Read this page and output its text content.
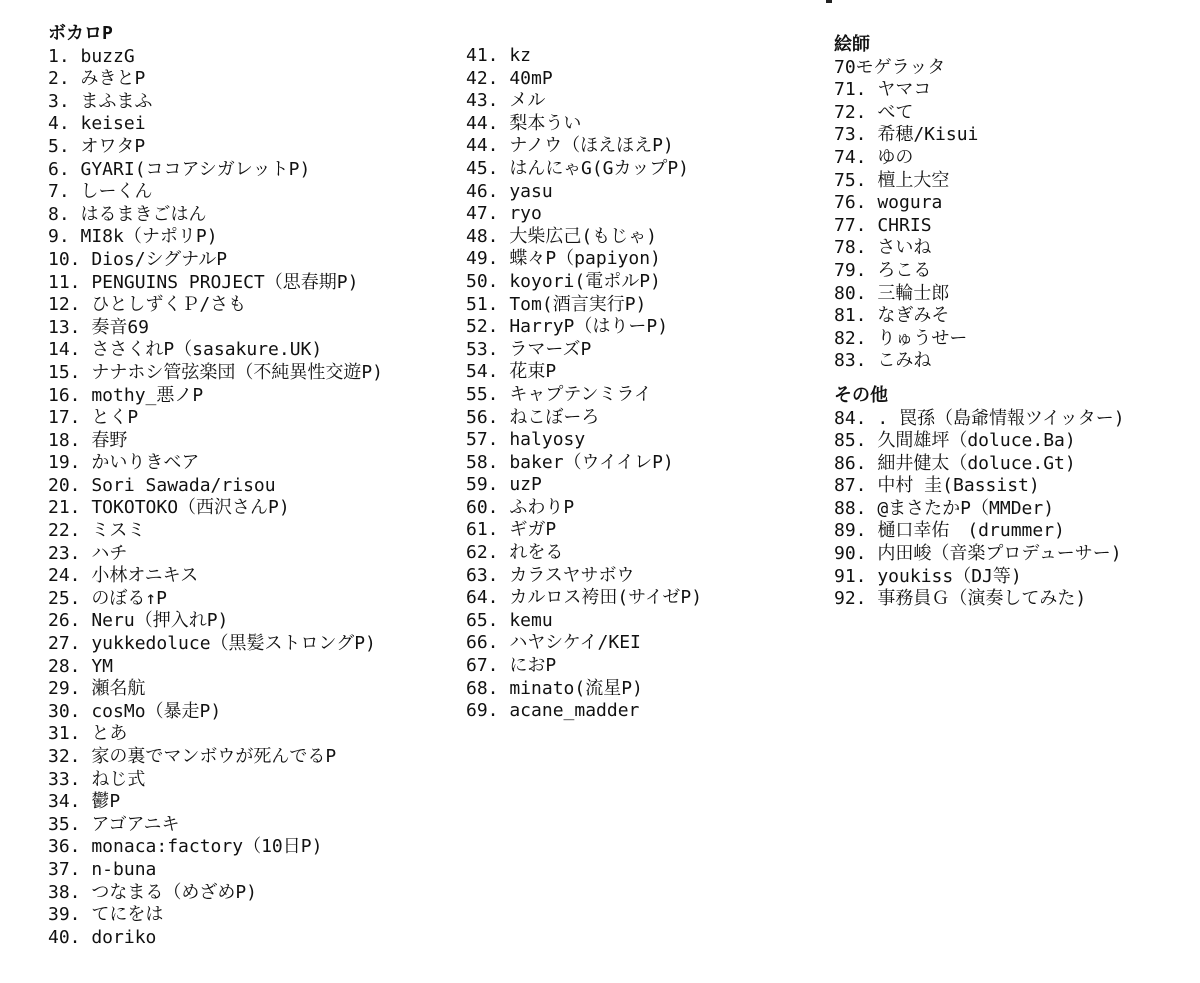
ボカロP
1. buzzG
2. みきとP
3. まふまふ
4. keisei
5. オワタP
6. GYARI(ココアシガレットP)
7. しーくん
8. はるまきごはん
9. MI8k（ナポリP)
10. Dios/シグナルP
11. PENGUINS PROJECT（思春期P)
12. ひとしずくＰ/さも
13. 奏音69
14. ささくれP（sasakure.UK)
15. ナナホシ管弦楽団（不純異性交遊P)
16. mothy_悪ノP
17. とくP
18. 春野
19. かいりきベア
20. Sori Sawada/risou
21. TOKOTOKO（西沢さんP)
22. ミスミ
23. ハチ
24. 小林オニキス
25. のぼる↑P
26. Neru（押入れP)
27. yukkedoluce（黒髪ストロングP)
28. YM
29. 瀬名航
30. cosMo（暴走P)
31. とあ
32. 家の裏でマンボウが死んでるP
33. ねじ式
34. 鬱P
35. アゴアニキ
36. monaca:factory（10日P)
37. n-buna
38. つなまる（めざめP)
39. てにをは
40. doriko
41. kz
42. 40mP
43. メル
44. 梨本うい
44. ナノウ（ほえほえP)
45. はんにゃG(GカップP)
46. yasu
47. ryo
48. 大柴広己(もじゃ)
49. 蝶々P（papiyon)
50. koyori(電ポルP)
51. Tom(酒言実行P)
52. HarryP（はりーP)
53. ラマーズP
54. 花束P
55. キャプテンミライ
56. ねこぼーろ
57. halyosy
58. baker（ウイイレP)
59. uzP
60. ふわりP
61. ギガP
62. れをる
63. カラスヤサボウ
64. カルロス袴田(サイゼP)
65. kemu
66. ハヤシケイ/KEI
67. におP
68. minato(流星P)
69. acane_madder
絵師
70モゲラッタ
71. ヤマコ
72. べて
73. 希穂/Kisui
74. ゆの
75. 檀上大空
76. wogura
77. CHRIS
78. さいね
79. ろこる
80. 三輪士郎
81. なぎみそ
82. りゅうせー
83. こみね
その他
84. . 罠孫（島爺情報ツイッター)
85. 久間雄坪（doluce.Ba)
86. 細井健太（doluce.Gt)
87. 中村 圭(Bassist)
88. @まさたかP（MMDer)
89. 樋口幸佑　(drummer)
90. 内田峻（音楽プロデューサー)
91. youkiss（DJ等)
92. 事務員Ｇ（演奏してみた)
